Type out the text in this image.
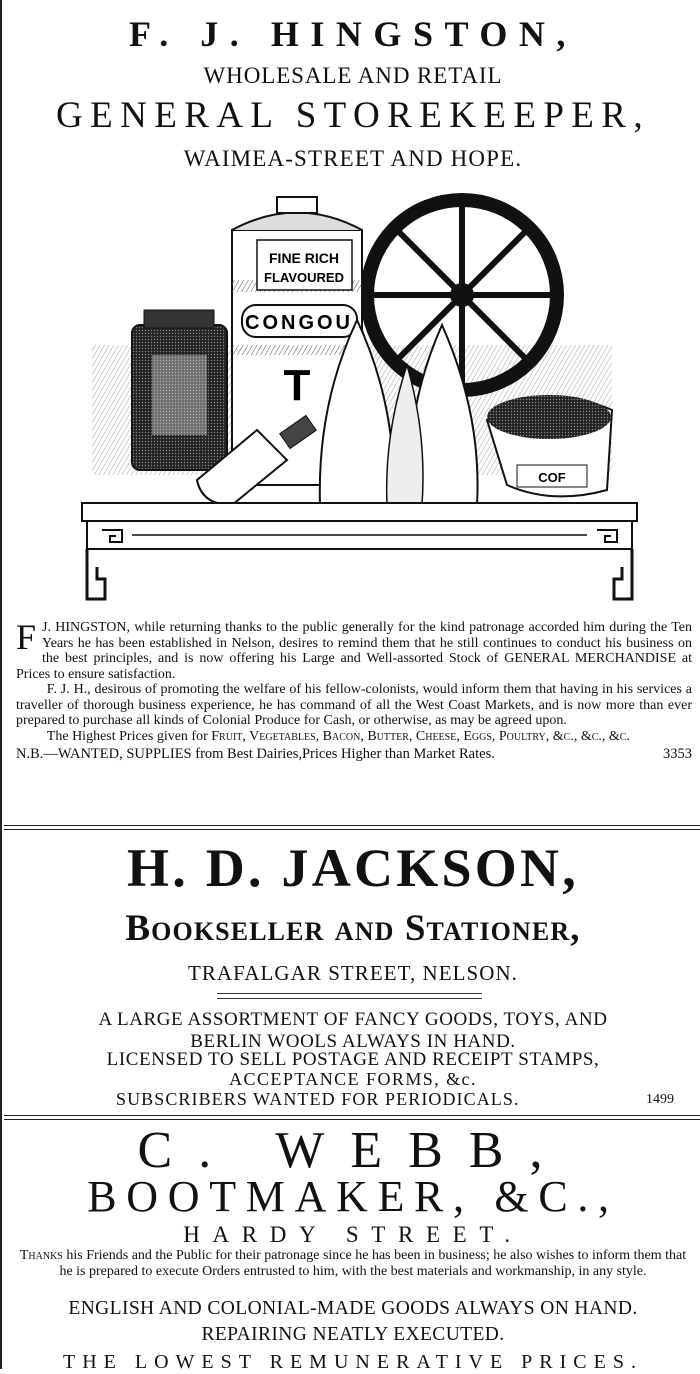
F. J. HINGSTON,
WHOLESALE AND RETAIL
GENERAL STOREKEEPER,
WAIMEA-STREET AND HOPE.
FINE RICH
FLAVOURED
CONGOU
T
COF

F J. HINGSTON, while returning thanks to the public generally for the kind patronage accorded him during the Ten Years he has been established in Nelson, desires to remind them that he still continues to conduct his business on the best principles, and is now offering his Large and Well-assorted Stock of GENERAL MERCHANDISE at Prices to ensure satisfaction.

F. J. H., desirous of promoting the welfare of his fellow-colonists, would inform them that having in his services a traveller of thorough business experience, he has command of all the West Coast Markets, and is now more than ever prepared to purchase all kinds of Colonial Produce for Cash, or otherwise, as may be agreed upon.

The Highest Prices given for Fruit, Vegetables, Bacon, Butter, Cheese, Eggs, Poultry, &c., &c., &c.

N.B.—WANTED, SUPPLIES from Best Dairies,Prices Higher than Market Rates.	3353
H. D. JACKSON,
Bookseller and Stationer,
TRAFALGAR STREET, NELSON.
A LARGE ASSORTMENT OF FANCY GOODS, TOYS, AND
BERLIN WOOLS ALWAYS IN HAND.
LICENSED TO SELL POSTAGE AND RECEIPT STAMPS,
ACCEPTANCE FORMS, &c.
SUBSCRIBERS WANTED FOR PERIODICALS.	1499
C. WEBB,
BOOTMAKER, &C.,
HARDY STREET.
Thanks his Friends and the Public for their patronage since he has been in business; he also wishes to inform them that he is prepared to execute Orders entrusted to him, with the best materials and workmanship, in any style.
ENGLISH AND COLONIAL-MADE GOODS ALWAYS ON HAND.
REPAIRING NEATLY EXECUTED.
THE LOWEST REMUNERATIVE PRICES.
